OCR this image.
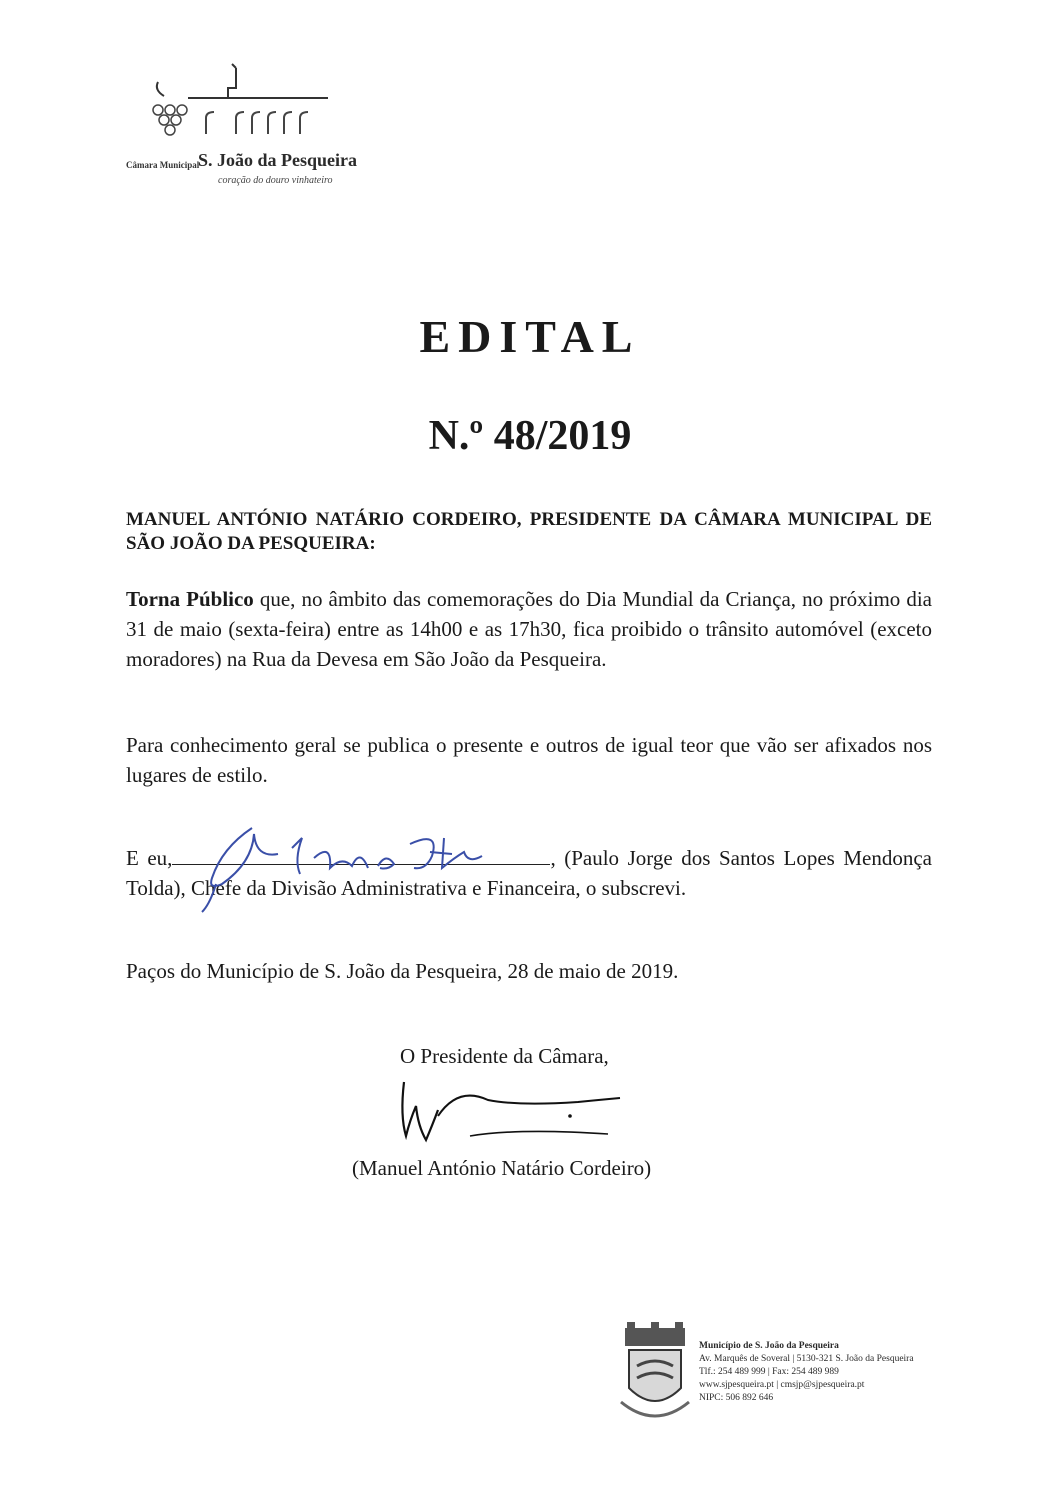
Câmara Municipal
S. João da Pesqueira
coração do douro vinhateiro
EDITAL
N.º 48/2019
MANUEL ANTÓNIO NATÁRIO CORDEIRO, PRESIDENTE DA CÂMARA MUNICIPAL DE SÃO JOÃO DA PESQUEIRA:

Torna Público que, no âmbito das comemorações do Dia Mundial da Criança, no próximo dia 31 de maio (sexta-feira) entre as 14h00 e as 17h30, fica proibido o trânsito automóvel (exceto moradores) na Rua da Devesa em São João da Pesqueira.

Para conhecimento geral se publica o presente e outros de igual teor que vão ser afixados nos lugares de estilo.

E eu,	, (Paulo Jorge dos Santos Lopes Mendonça Tolda), Chefe da Divisão Administrativa e Financeira, o subscrevi.

Paços do Município de S. João da Pesqueira, 28 de maio de 2019.

O Presidente da Câmara,
(Manuel António Natário Cordeiro)
Município de S. João da Pesqueira
Av. Marquês de Soveral | 5130-321 S. João da Pesqueira
Tlf.: 254 489 999 | Fax: 254 489 989
www.sjpesqueira.pt | cmsjp@sjpesqueira.pt
NIPC: 506 892 646
